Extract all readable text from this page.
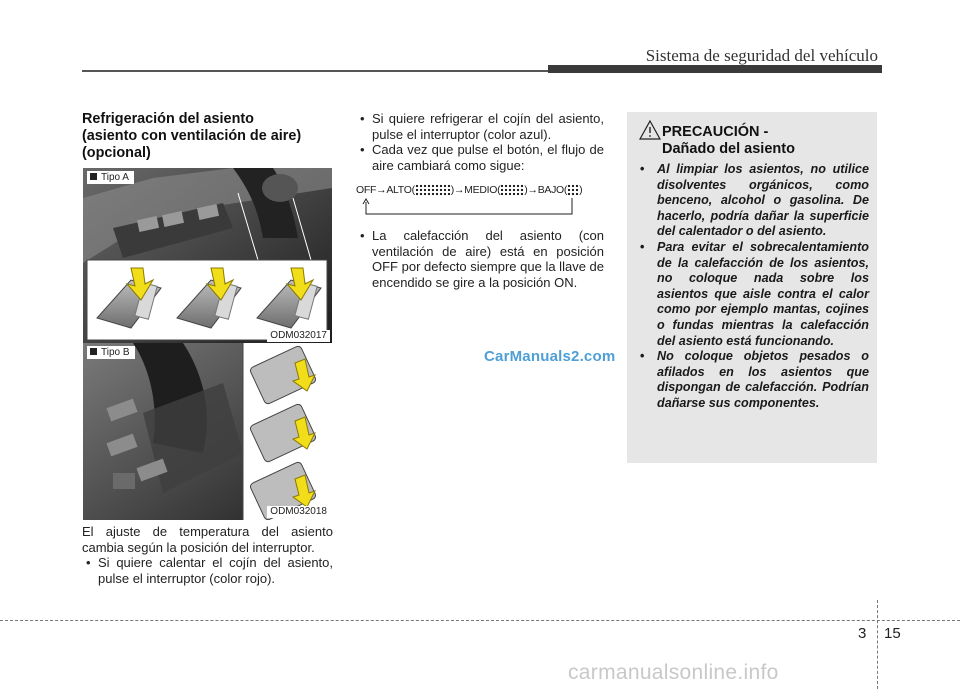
Sistema de seguridad del vehículo
Refrigeración del asiento
(asiento con ventilación de aire)
(opcional)
Tipo A
ODM032017
Tipo B
ODM032018
El ajuste de temperatura del asiento cambia según la posición del interruptor.
• Si quiere calentar el cojín del asiento, pulse el interruptor (color rojo).
• Si quiere refrigerar el cojín del asiento, pulse el interruptor (color azul).
• Cada vez que pulse el botón, el flujo de aire cambiará como sigue:
OFF→ALTO(	)→MEDIO( )→BAJO( )
• La calefacción del asiento (con ventilación de aire) está en posición OFF por defecto siempre que la llave de encendido se gire a la posición ON.
PRECAUCIÓN -
Dañado del asiento
• Al limpiar los asientos, no utilice disolventes orgánicos, como benceno, alcohol o gasolina. De hacerlo, podría dañar la superficie del calentador o del asiento.
• Para evitar el sobrecalentamiento de la calefacción de los asientos, no coloque nada sobre los asientos que aisle contra el calor como por ejemplo mantas, cojines o fundas mientras la calefacción del asiento está funcionando.
• No coloque objetos pesados o afilados en los asientos que dispongan de calefacción. Podrían dañarse sus componentes.
CarManuals2.com
3 15
carmanualsonline.info
